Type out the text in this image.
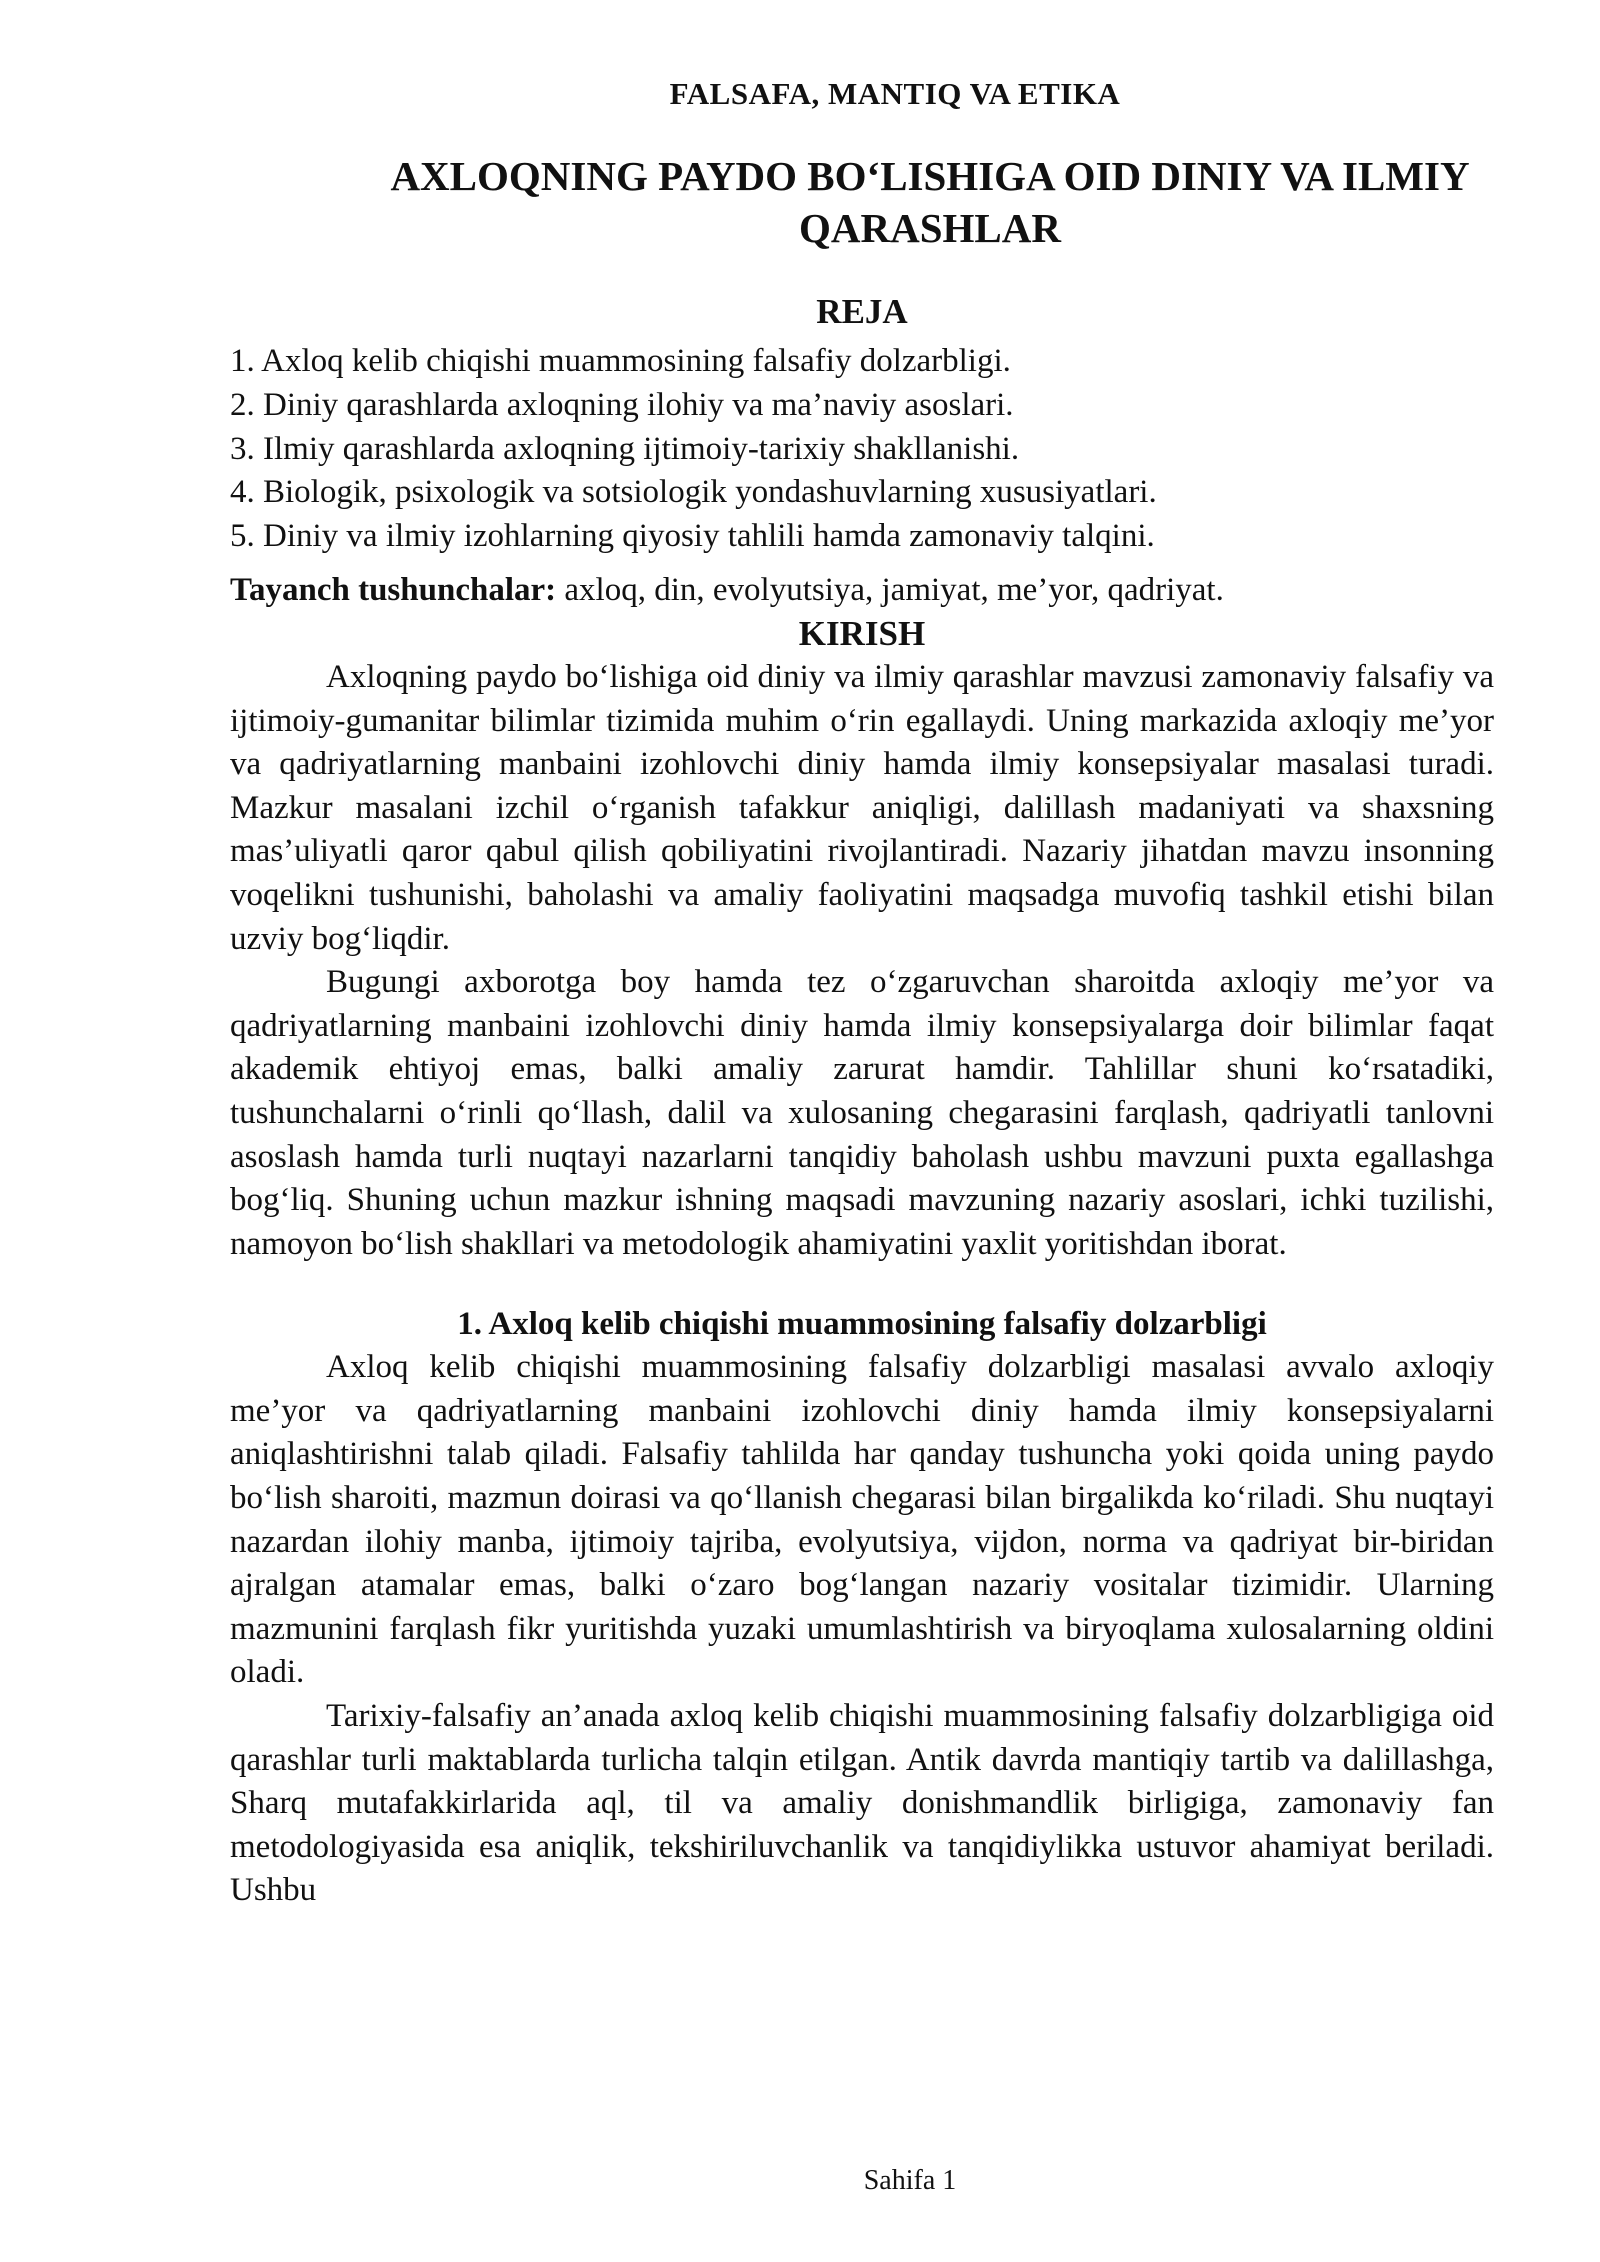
FALSAFA, MANTIQ VA ETIKA
AXLOQNING PAYDO BO‘LISHIGA OID DINIY VA ILMIY
QARASHLAR
REJA
1. Axloq kelib chiqishi muammosining falsafiy dolzarbligi.
2. Diniy qarashlarda axloqning ilohiy va ma’naviy asoslari.
3. Ilmiy qarashlarda axloqning ijtimoiy-tarixiy shakllanishi.
4. Biologik, psixologik va sotsiologik yondashuvlarning xususiyatlari.
5. Diniy va ilmiy izohlarning qiyosiy tahlili hamda zamonaviy talqini.
Tayanch tushunchalar: axloq, din, evolyutsiya, jamiyat, me’yor, qadriyat.
KIRISH

Axloqning paydo bo‘lishiga oid diniy va ilmiy qarashlar mavzusi zamonaviy falsafiy va ijtimoiy-gumanitar bilimlar tizimida muhim o‘rin egallaydi. Uning markazida axloqiy me’yor va qadriyatlarning manbaini izohlovchi diniy hamda ilmiy konsepsiyalar masalasi turadi. Mazkur masalani izchil o‘rganish tafakkur aniqligi, dalillash madaniyati va shaxsning mas’uliyatli qaror qabul qilish qobiliyatini rivojlantiradi. Nazariy jihatdan mavzu insonning voqelikni tushunishi, baholashi va amaliy faoliyatini maqsadga muvofiq tashkil etishi bilan uzviy bog‘liqdir.

Bugungi axborotga boy hamda tez o‘zgaruvchan sharoitda axloqiy me’yor va qadriyatlarning manbaini izohlovchi diniy hamda ilmiy konsepsiyalarga doir bilimlar faqat akademik ehtiyoj emas, balki amaliy zarurat hamdir. Tahlillar shuni ko‘rsatadiki, tushunchalarni o‘rinli qo‘llash, dalil va xulosaning chegarasini farqlash, qadriyatli tanlovni asoslash hamda turli nuqtayi nazarlarni tanqidiy baholash ushbu mavzuni puxta egallashga bog‘liq. Shuning uchun mazkur ishning maqsadi mavzuning nazariy asoslari, ichki tuzilishi, namoyon bo‘lish shakllari va metodologik ahamiyatini yaxlit yoritishdan iborat.

1. Axloq kelib chiqishi muammosining falsafiy dolzarbligi

Axloq kelib chiqishi muammosining falsafiy dolzarbligi masalasi avvalo axloqiy me’yor va qadriyatlarning manbaini izohlovchi diniy hamda ilmiy konsepsiyalarni aniqlashtirishni talab qiladi. Falsafiy tahlilda har qanday tushuncha yoki qoida uning paydo bo‘lish sharoiti, mazmun doirasi va qo‘llanish chegarasi bilan birgalikda ko‘riladi. Shu nuqtayi nazardan ilohiy manba, ijtimoiy tajriba, evolyutsiya, vijdon, norma va qadriyat bir-biridan ajralgan atamalar emas, balki o‘zaro bog‘langan nazariy vositalar tizimidir. Ularning mazmunini farqlash fikr yuritishda yuzaki umumlashtirish va biryoqlama xulosalarning oldini oladi.

Tarixiy-falsafiy an’anada axloq kelib chiqishi muammosining falsafiy dolzarbligiga oid qarashlar turli maktablarda turlicha talqin etilgan. Antik davrda mantiqiy tartib va dalillashga, Sharq mutafakkirlarida aql, til va amaliy donishmandlik birligiga, zamonaviy fan metodologiyasida esa aniqlik, tekshiriluvchanlik va tanqidiylikka ustuvor ahamiyat beriladi. Ushbu

Sahifa 1
